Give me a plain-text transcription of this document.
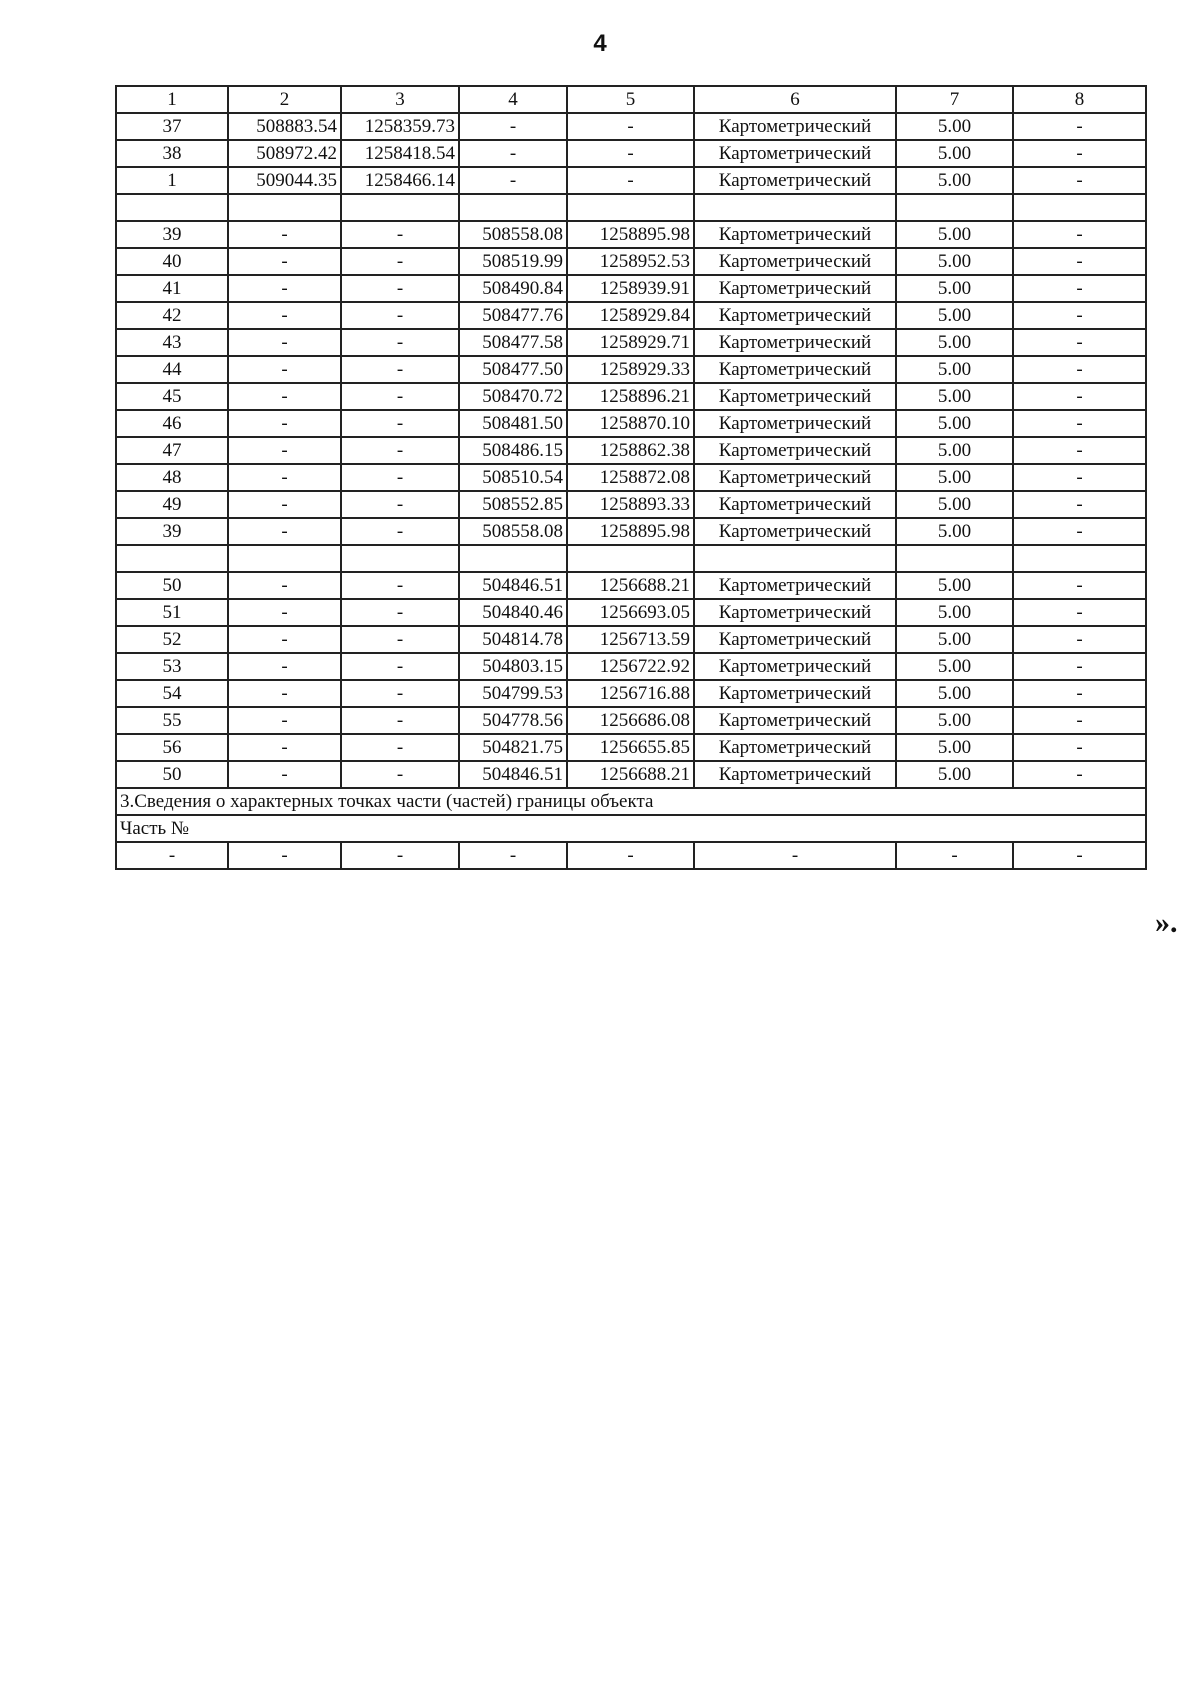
4
1	2	3	4	5	6	7	8
37	508883.54	1258359.73	-	-	Картометрический	5.00	-
38	508972.42	1258418.54	-	-	Картометрический	5.00	-
1	509044.35	1258466.14	-	-	Картометрический	5.00	-

39	-	-	508558.08	1258895.98	Картометрический	5.00	-
40	-	-	508519.99	1258952.53	Картометрический	5.00	-
41	-	-	508490.84	1258939.91	Картометрический	5.00	-
42	-	-	508477.76	1258929.84	Картометрический	5.00	-
43	-	-	508477.58	1258929.71	Картометрический	5.00	-
44	-	-	508477.50	1258929.33	Картометрический	5.00	-
45	-	-	508470.72	1258896.21	Картометрический	5.00	-
46	-	-	508481.50	1258870.10	Картометрический	5.00	-
47	-	-	508486.15	1258862.38	Картометрический	5.00	-
48	-	-	508510.54	1258872.08	Картометрический	5.00	-
49	-	-	508552.85	1258893.33	Картометрический	5.00	-
39	-	-	508558.08	1258895.98	Картометрический	5.00	-

50	-	-	504846.51	1256688.21	Картометрический	5.00	-
51	-	-	504840.46	1256693.05	Картометрический	5.00	-
52	-	-	504814.78	1256713.59	Картометрический	5.00	-
53	-	-	504803.15	1256722.92	Картометрический	5.00	-
54	-	-	504799.53	1256716.88	Картометрический	5.00	-
55	-	-	504778.56	1256686.08	Картометрический	5.00	-
56	-	-	504821.75	1256655.85	Картометрический	5.00	-
50	-	-	504846.51	1256688.21	Картометрический	5.00	-
3.Сведения о характерных точках части (частей) границы объекта							
Часть №							
-	-	-	-	-	-	-	-
».
